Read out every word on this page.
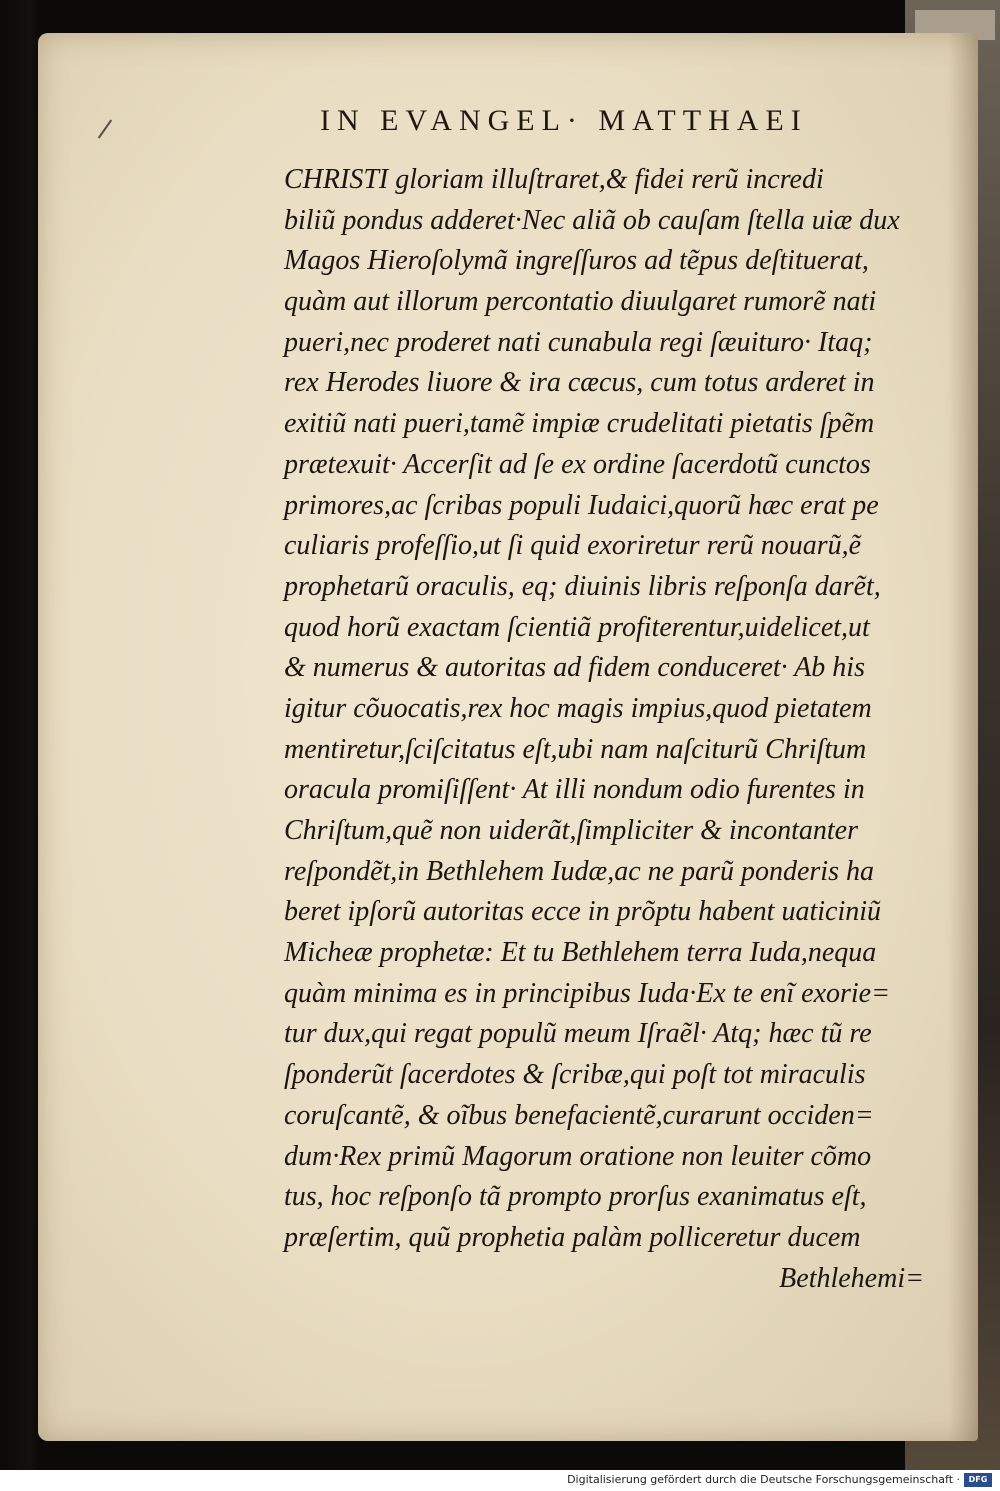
IN EVANGEL· MATTHAEI
CHRISTI gloriam illuſtraret,& fidei rerũ incredi
biliũ pondus adderet·Nec aliã ob cauſam ſtella uiæ dux
Magos Hieroſolymã ingreſſuros ad tẽpus deſtituerat,
quàm aut illorum percontatio diuulgaret rumorẽ nati
pueri,nec proderet nati cunabula regi ſæuituro· Itaq;
rex Herodes liuore & ira cæcus, cum totus arderet in
exitiũ nati pueri,tamẽ impiæ crudelitati pietatis ſpẽm
prætexuit· Accerſit ad ſe ex ordine ſacerdotũ cunctos
primores,ac ſcribas populi Iudaici,quorũ hæc erat pe
culiaris profeſſio,ut ſi quid exoriretur rerũ nouarũ,ẽ
prophetarũ oraculis, eq; diuinis libris reſponſa darẽt,
quod horũ exactam ſcientiã profiterentur,uidelicet,ut
& numerus & autoritas ad fidem conduceret· Ab his
igitur cõuocatis,rex hoc magis impius,quod pietatem
mentiretur,ſciſcitatus eſt,ubi nam naſciturũ Chriſtum
oracula promiſiſſent· At illi nondum odio furentes in
Chriſtum,quẽ non uiderãt,ſimpliciter & incontanter
reſpondẽt,in Bethlehem Iudæ,ac ne parũ ponderis ha
beret ipſorũ autoritas ecce in prõptu habent uaticiniũ
Micheæ prophetæ: Et tu Bethlehem terra Iuda,nequa
quàm minima es in principibus Iuda·Ex te enĩ exorie=
tur dux,qui regat populũ meum Iſraẽl· Atq; hæc tũ re
ſponderũt ſacerdotes & ſcribæ,qui poſt tot miraculis
coruſcantẽ, & oĩbus benefacientẽ,curarunt occiden=
dum·Rex primũ Magorum oratione non leuiter cõmo
tus, hoc reſponſo tã prompto prorſus exanimatus eſt,
præſertim, quũ prophetia palàm polliceretur ducem
Bethlehemi=
Digitalisierung gefördert durch die Deutsche Forschungsgemeinschaft ·	DFG
